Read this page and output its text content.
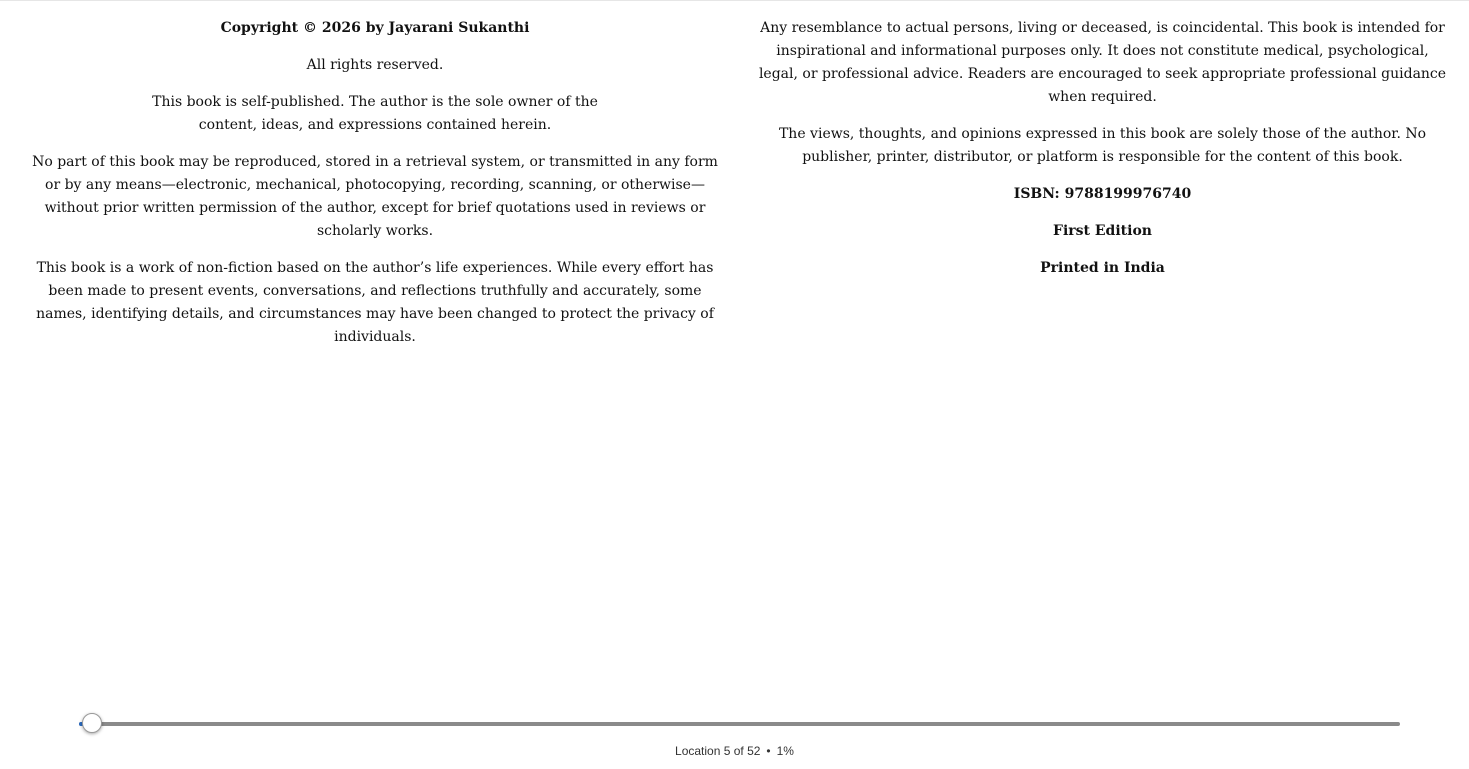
Copyright © 2026 by Jayarani Sukanthi

All rights reserved.

This book is self-published. The author is the sole owner of the content, ideas, and expressions contained herein.

No part of this book may be reproduced, stored in a retrieval system, or transmitted in any form or by any means—electronic, mechanical, photocopying, recording, scanning, or otherwise—without prior written permission of the author, except for brief quotations used in reviews or scholarly works.

This book is a work of non-fiction based on the author’s life experiences. While every effort has been made to present events, conversations, and reflections truthfully and accurately, some names, identifying details, and circumstances may have been changed to protect the privacy of individuals.

Any resemblance to actual persons, living or deceased, is coincidental. This book is intended for inspirational and informational purposes only. It does not constitute medical, psychological, legal, or professional advice. Readers are encouraged to seek appropriate professional guidance when required.

The views, thoughts, and opinions expressed in this book are solely those of the author. No publisher, printer, distributor, or platform is responsible for the content of this book.

ISBN: 9788199976740

First Edition

Printed in India

Location 5 of 52 • 1%
